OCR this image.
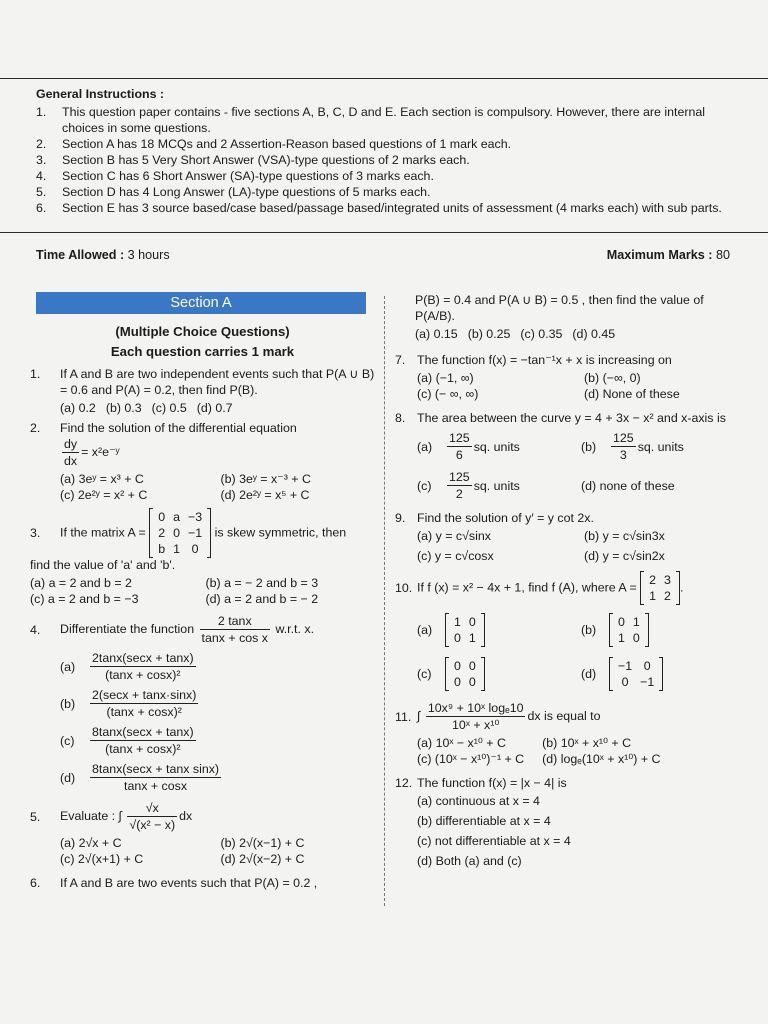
General Instructions :
1.	This question paper contains - five sections A, B, C, D and E. Each section is compulsory. However, there are internal choices in some questions.
2.	Section A has 18 MCQs and 2 Assertion-Reason based questions of 1 mark each.
3.	Section B has 5 Very Short Answer (VSA)-type questions of 2 marks each.
4.	Section C has 6 Short Answer (SA)-type questions of 3 marks each.
5.	Section D has 4 Long Answer (LA)-type questions of 5 marks each.
6.	Section E has 3 source based/case based/passage based/integrated units of assessment (4 marks each) with sub parts.
Time Allowed : 3 hours	Maximum Marks : 80
Section A
(Multiple Choice Questions)
Each question carries 1 mark
1.	If A and B are two independent events such that P(A ∪ B) = 0.6 and P(A) = 0.2, then find P(B).
(a) 0.2 (b) 0.3 (c) 0.5 (d) 0.7
2.	Find the solution of the differential equation

$\frac{dy}{dx}$ = x²e⁻ʸ
(a) 3eʸ = x³ + C	(b) 3eʸ = x⁻³ + C
(c) 2e²ʸ = x² + C	(d) 2e²ʸ = x⁵ + C
3.	If the matrix A =
0	a	−3
2	0	−1
b	1	0
is skew symmetric, then
find the value of 'a' and 'b'.
(a) a = 2 and b = 2	(b) a = − 2 and b = 3
(c) a = 2 and b = −3	(d) a = 2 and b = − 2
4.	Differentiate the function $\frac{2 \tan x}{\text{tanx + cos x}} w.r.t$. x.
(a)	$\frac{2\tan x(\sec x + \tan x)}{\text{(tanx + cosx)²}}$
(b)	$\frac{2(\sec x + \tan x\cdot\sin x)}{\text{(tanx + cosx)²}}$
(c)	$\frac{8\tan x(\sec x + \tan x)}{\text{(tanx + cosx)²}}$
(d)	$\frac{\text{8tanx(secx + tanx sinx)}}{\tan x + \cos x}$
5.	Evaluate : ∫ $\frac{√x}{\text{√(x² − x)}}$ dx
(a) 2√x + C	(b) 2√(x−1) + C
(c) 2√(x+1) + C	(d) 2√(x−2) + C
6.	If A and B are two events such that P(A) = 0.2 ,
P(B) = 0.4 and P(A ∪ B) = 0.5 , then find the value of P(A/B).
(a) 0.15 (b) 0.25 (c) 0.35 (d) 0.45
7. The function f(x) = −tan⁻¹x + x is increasing on
(a) (−1, ∞)	(b) (−∞, 0)
(c) (− ∞, ∞)	(d) None of these
8. The area between the curve y = 4 + 3x − x² and x-axis is
(a)	$\frac{125}{6}$ sq. units	(b)	$\frac{125}{3}$ sq. units
(c)	$\frac{125}{2}$ sq. units	(d) none of these
9. Find the solution of y′ = y cot 2x.
(a) y = c√sinx	(b) y = c√sin3x
(c) y = c√cosx	(d) y = c√sin2x
10. If f (x) = x² − 4x + 1, find f (A), where A =
2	3
1	2
.
(a)
1	0
0	1
(b)
0	1
1	0
(c)
0	0
0	0
(d)
−1	0
0	−1
11. ∫ $\frac{\text{10x⁹ + 10ˣ logₑ10}}{\text{10ˣ + x¹⁰}}$ dx is equal to
(a) 10ˣ − x¹⁰ + C	(b) 10ˣ + x¹⁰ + C
(c) (10ˣ − x¹⁰)⁻¹ + C (d) logₑ(10ˣ + x¹⁰) + C
12. The function f(x) = |x − 4| is
(a) continuous at x = 4
(b) differentiable at x = 4
(c) not differentiable at x = 4
(d) Both (a) and (c)
